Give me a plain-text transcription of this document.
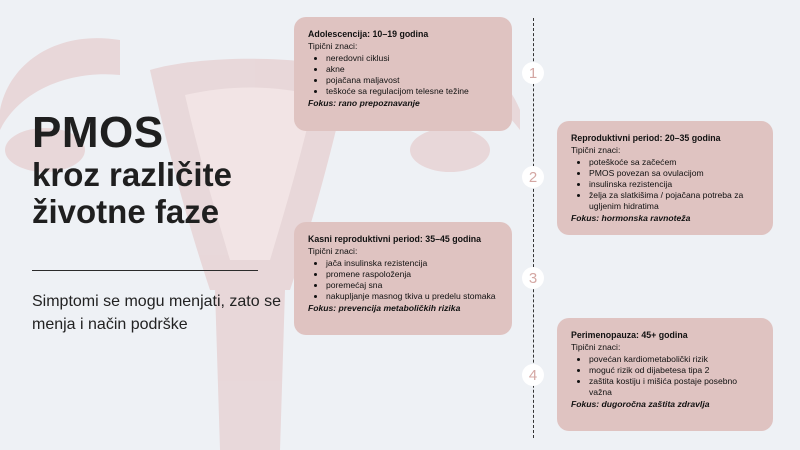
PMOS
kroz različite
životne faze
Simptomi se mogu menjati, zato se menja i način podrške
Adolescencija: 10–19 godina
Tipični znaci:
• neredovni ciklusi
• akne
• pojačana maljavost
• teškoće sa regulacijom telesne težine
Fokus: rano prepoznavanje
1
Reproduktivni period: 20–35 godina
Tipični znaci:
• poteškoće sa začećem
• PMOS povezan sa ovulacijom
• insulinska rezistencija
• želja za slatkišima / pojačana potreba za ugljenim hidratima
Fokus: hormonska ravnoteža
2
Kasni reproduktivni period: 35–45 godina
Tipični znaci:
• jača insulinska rezistencija
• promene raspoloženja
• poremećaj sna
• nakupljanje masnog tkiva u predelu stomaka
Fokus: prevencija metaboličkih rizika
3
Perimenopauza: 45+ godina
Tipični znaci:
• povećan kardiometabolički rizik
• moguć rizik od dijabetesa tipa 2
• zaštita kostiju i mišića postaje posebno važna
Fokus: dugoročna zaštita zdravlja
4
